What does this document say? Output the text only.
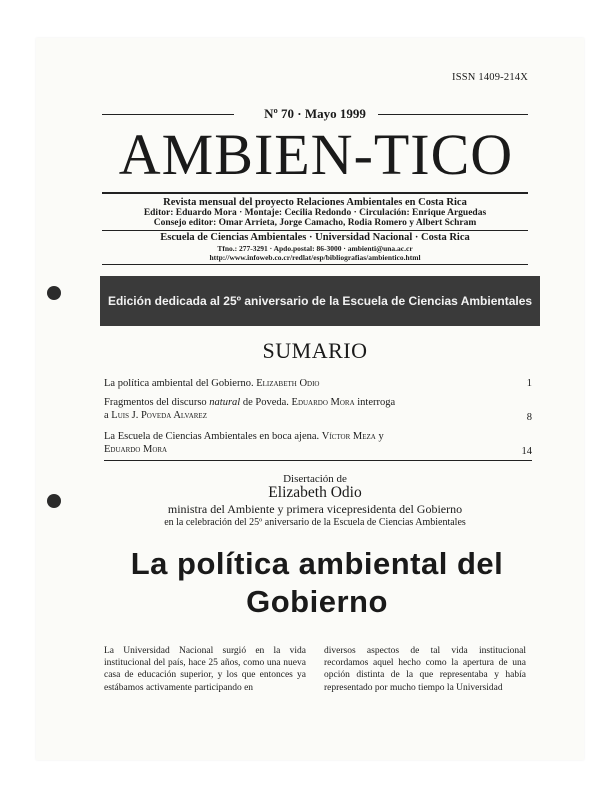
ISSN 1409-214X
Nº 70 · Mayo 1999
AMBIEN-TICO
Revista mensual del proyecto Relaciones Ambientales en Costa Rica
Editor: Eduardo Mora · Montaje: Cecilia Redondo · Circulación: Enrique Arguedas
Consejo editor: Omar Arrieta, Jorge Camacho, Rodia Romero y Albert Schram
Escuela de Ciencias Ambientales · Universidad Nacional · Costa Rica
Tfno.: 277-3291 · Apdo.postal: 86-3000 · ambienti@una.ac.cr
http://www.infoweb.co.cr/redlat/esp/bibliografias/ambientico.html
Edición dedicada al 25º aniversario de la Escuela de Ciencias Ambientales
SUMARIO
La política ambiental del Gobierno. Elizabeth Odio	1
Fragmentos del discurso natural de Poveda. Eduardo Mora interroga
a Luis J. Poveda Alvarez	8
La Escuela de Ciencias Ambientales en boca ajena. Víctor Meza y
Eduardo Mora	14
Disertación de
Elizabeth Odio
ministra del Ambiente y primera vicepresidenta del Gobierno
en la celebración del 25º aniversario de la Escuela de Ciencias Ambientales
La política ambiental del
Gobierno

La Universidad Nacional surgió en la vida institucional del país, hace 25 años, como una nueva casa de educación superior, y los que entonces ya estábamos activamente participando en

diversos aspectos de tal vida institucional recordamos aquel hecho como la apertura de una opción distinta de la que representaba y había representado por mucho tiempo la Universidad
